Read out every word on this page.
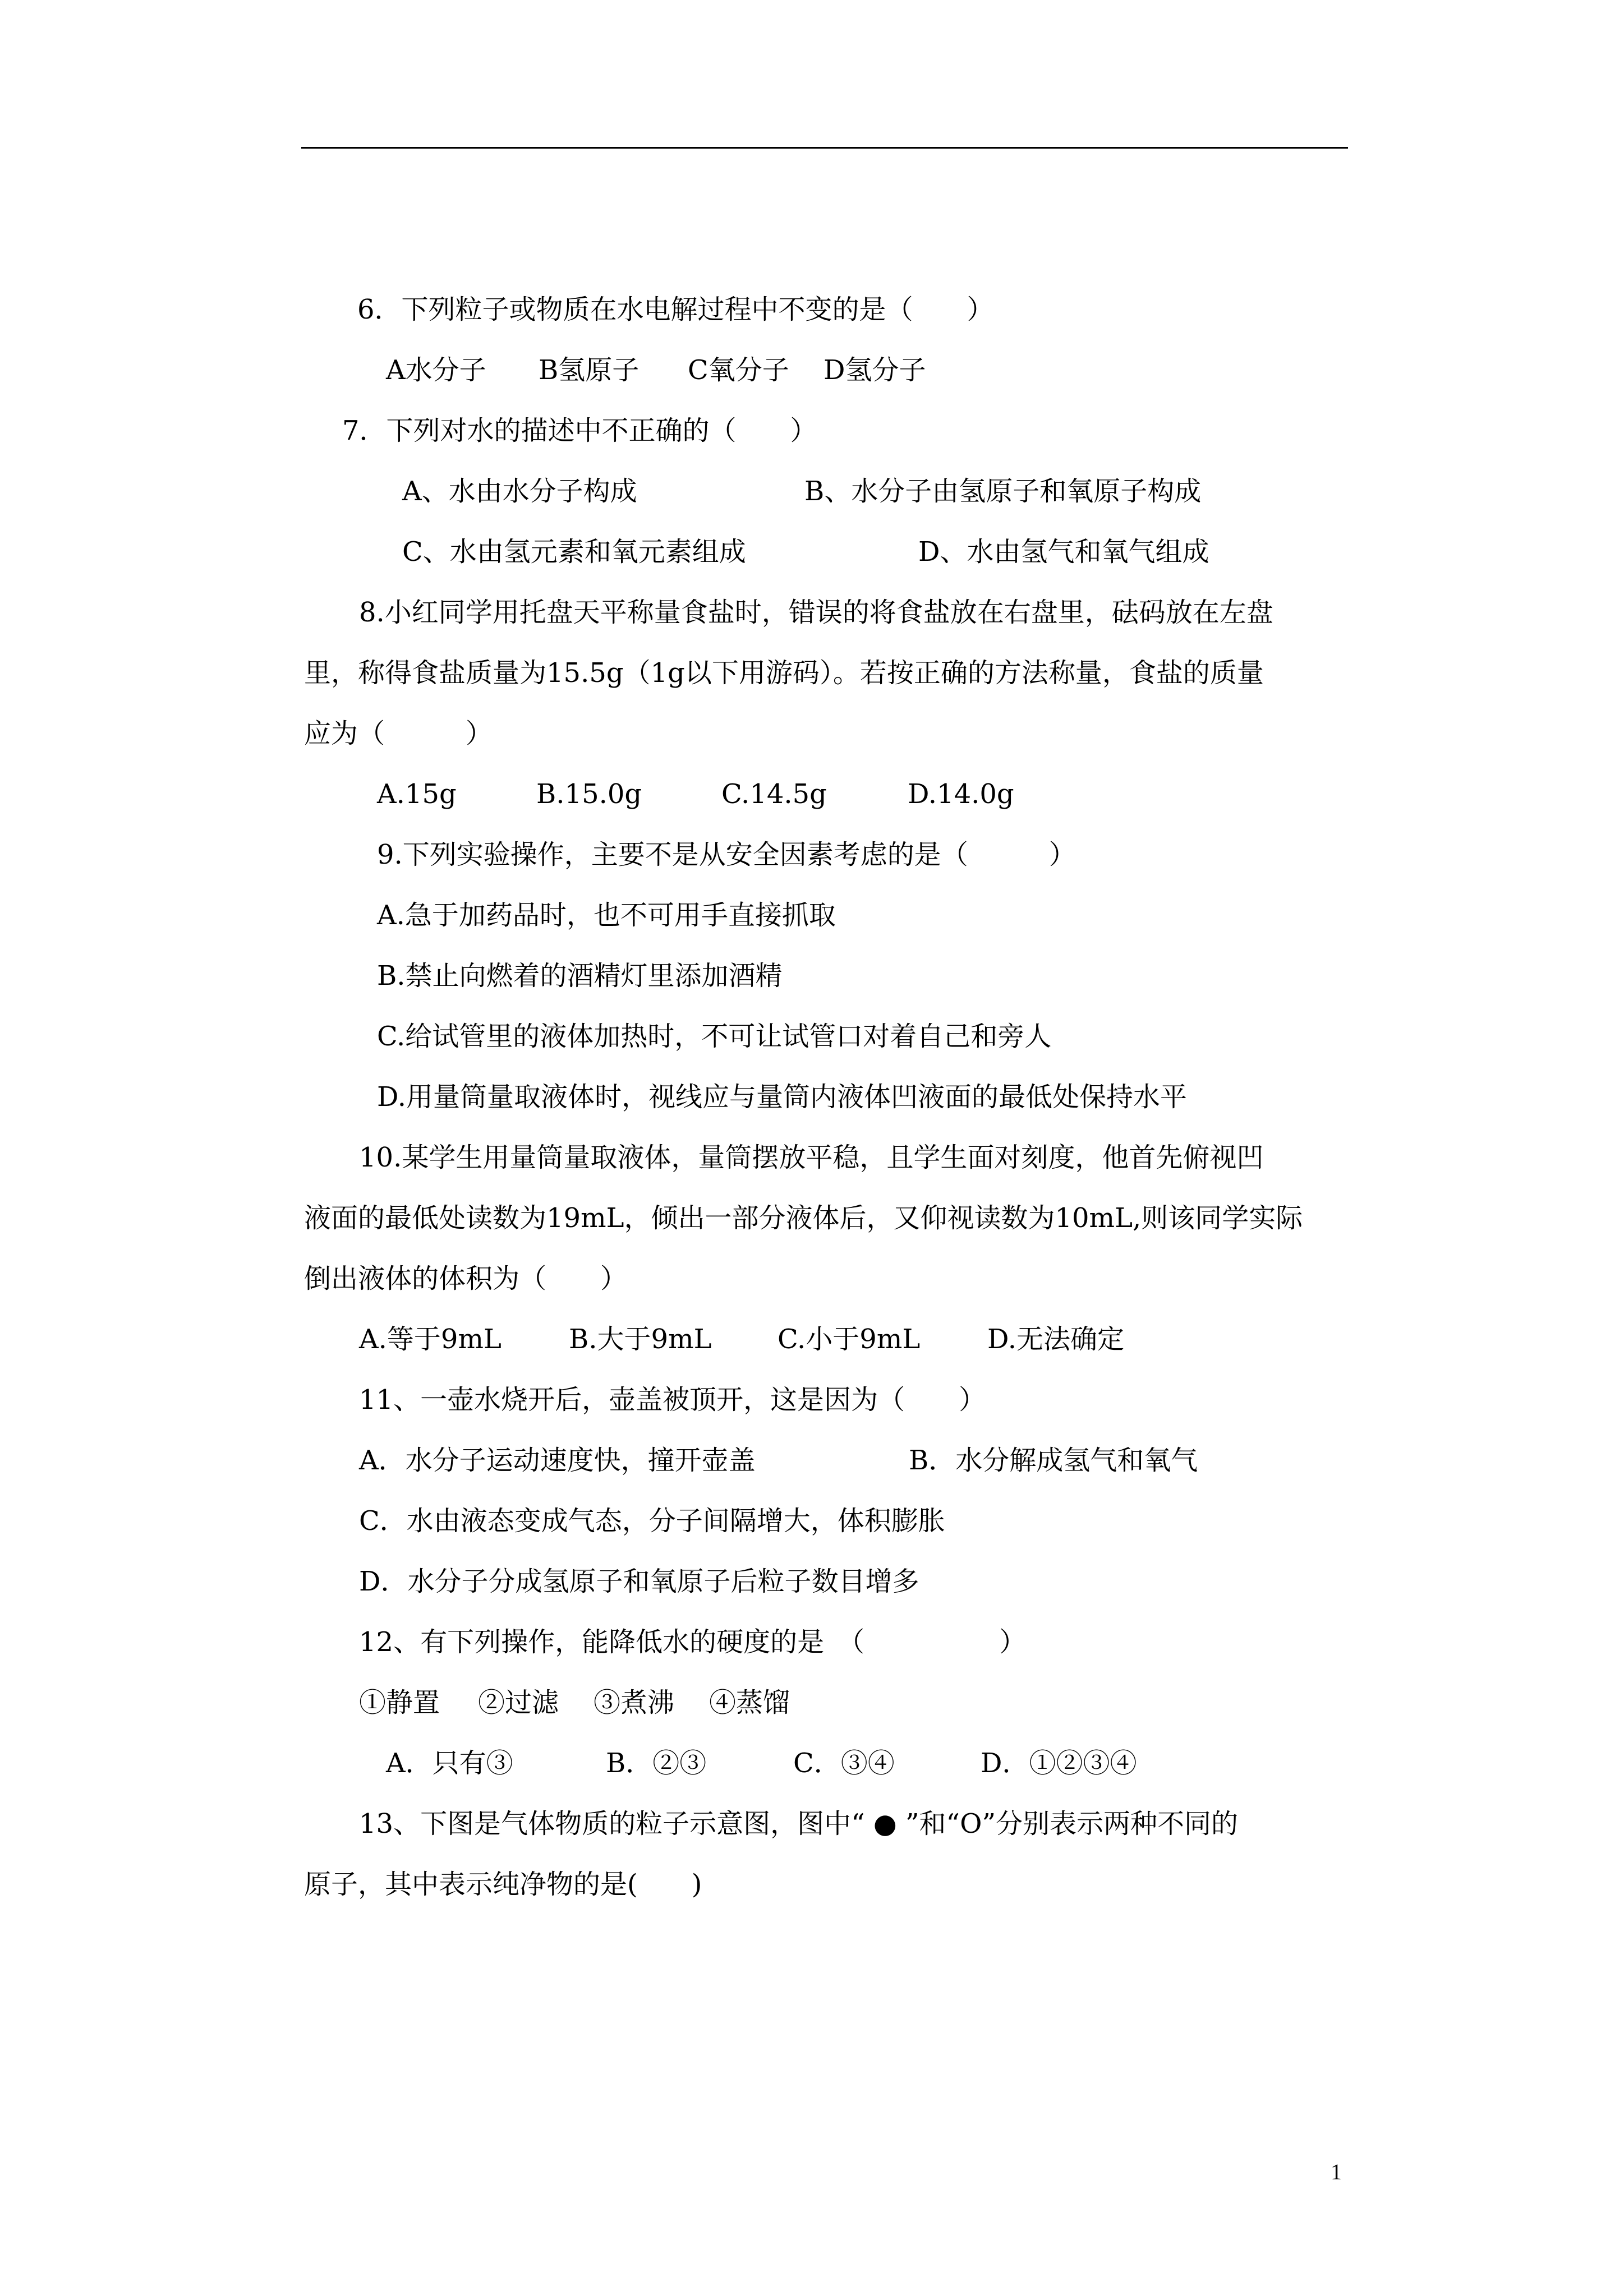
6．下列粒子或物质在水电解过程中不变的是（　　）

A水分子

B氢原子

C氧分子

D氢分子

7．下列对水的描述中不正确的（　　）

A、水由水分子构成

	B、水分子由氢原子和氧原子构成

C、水由氢元素和氧元素组成

	D、水由氢气和氧气组成

8.小红同学用托盘天平称量食盐时，错误的将食盐放在右盘里，砝码放在左盘
里，称得食盐质量为15.5g（1g以下用游码）。若按正确的方法称量，食盐的质量
应为（　　　）

A.15g

	B.15.0g

	C.14.5g

	D.14.0g

9.下列实验操作，主要不是从安全因素考虑的是（　　　）
A.急于加药品时，也不可用手直接抓取
B.禁止向燃着的酒精灯里添加酒精
C.给试管里的液体加热时，不可让试管口对着自己和旁人
D.用量筒量取液体时，视线应与量筒内液体凹液面的最低处保持水平
10.某学生用量筒量取液体，量筒摆放平稳，且学生面对刻度，他首先俯视凹
液面的最低处读数为19mL，倾出一部分液体后，又仰视读数为10mL,则该同学实际
倒出液体的体积为（　　）

A.等于9mL

	B.大于9mL

C.小于9mL

D.无法确定

11、一壶水烧开后，壶盖被顶开，这是因为（　　）

A．水分子运动速度快，撞开壶盖

	B．水分解成氢气和氧气

C．水由液态变成气态，分子间隔增大，体积膨胀
D．水分子分成氢原子和氧原子后粒子数目增多
12、有下列操作，能降低水的硬度的是　（　　　　　）

①静置

②过滤

③煮沸

④蒸馏

A．只有③

	B．②③

	C．③④

	D．①②③④

13、下图是气体物质的粒子示意图，图中“ ● ”和“O”分别表示两种不同的
原子，其中表示纯净物的是(　　)
1
